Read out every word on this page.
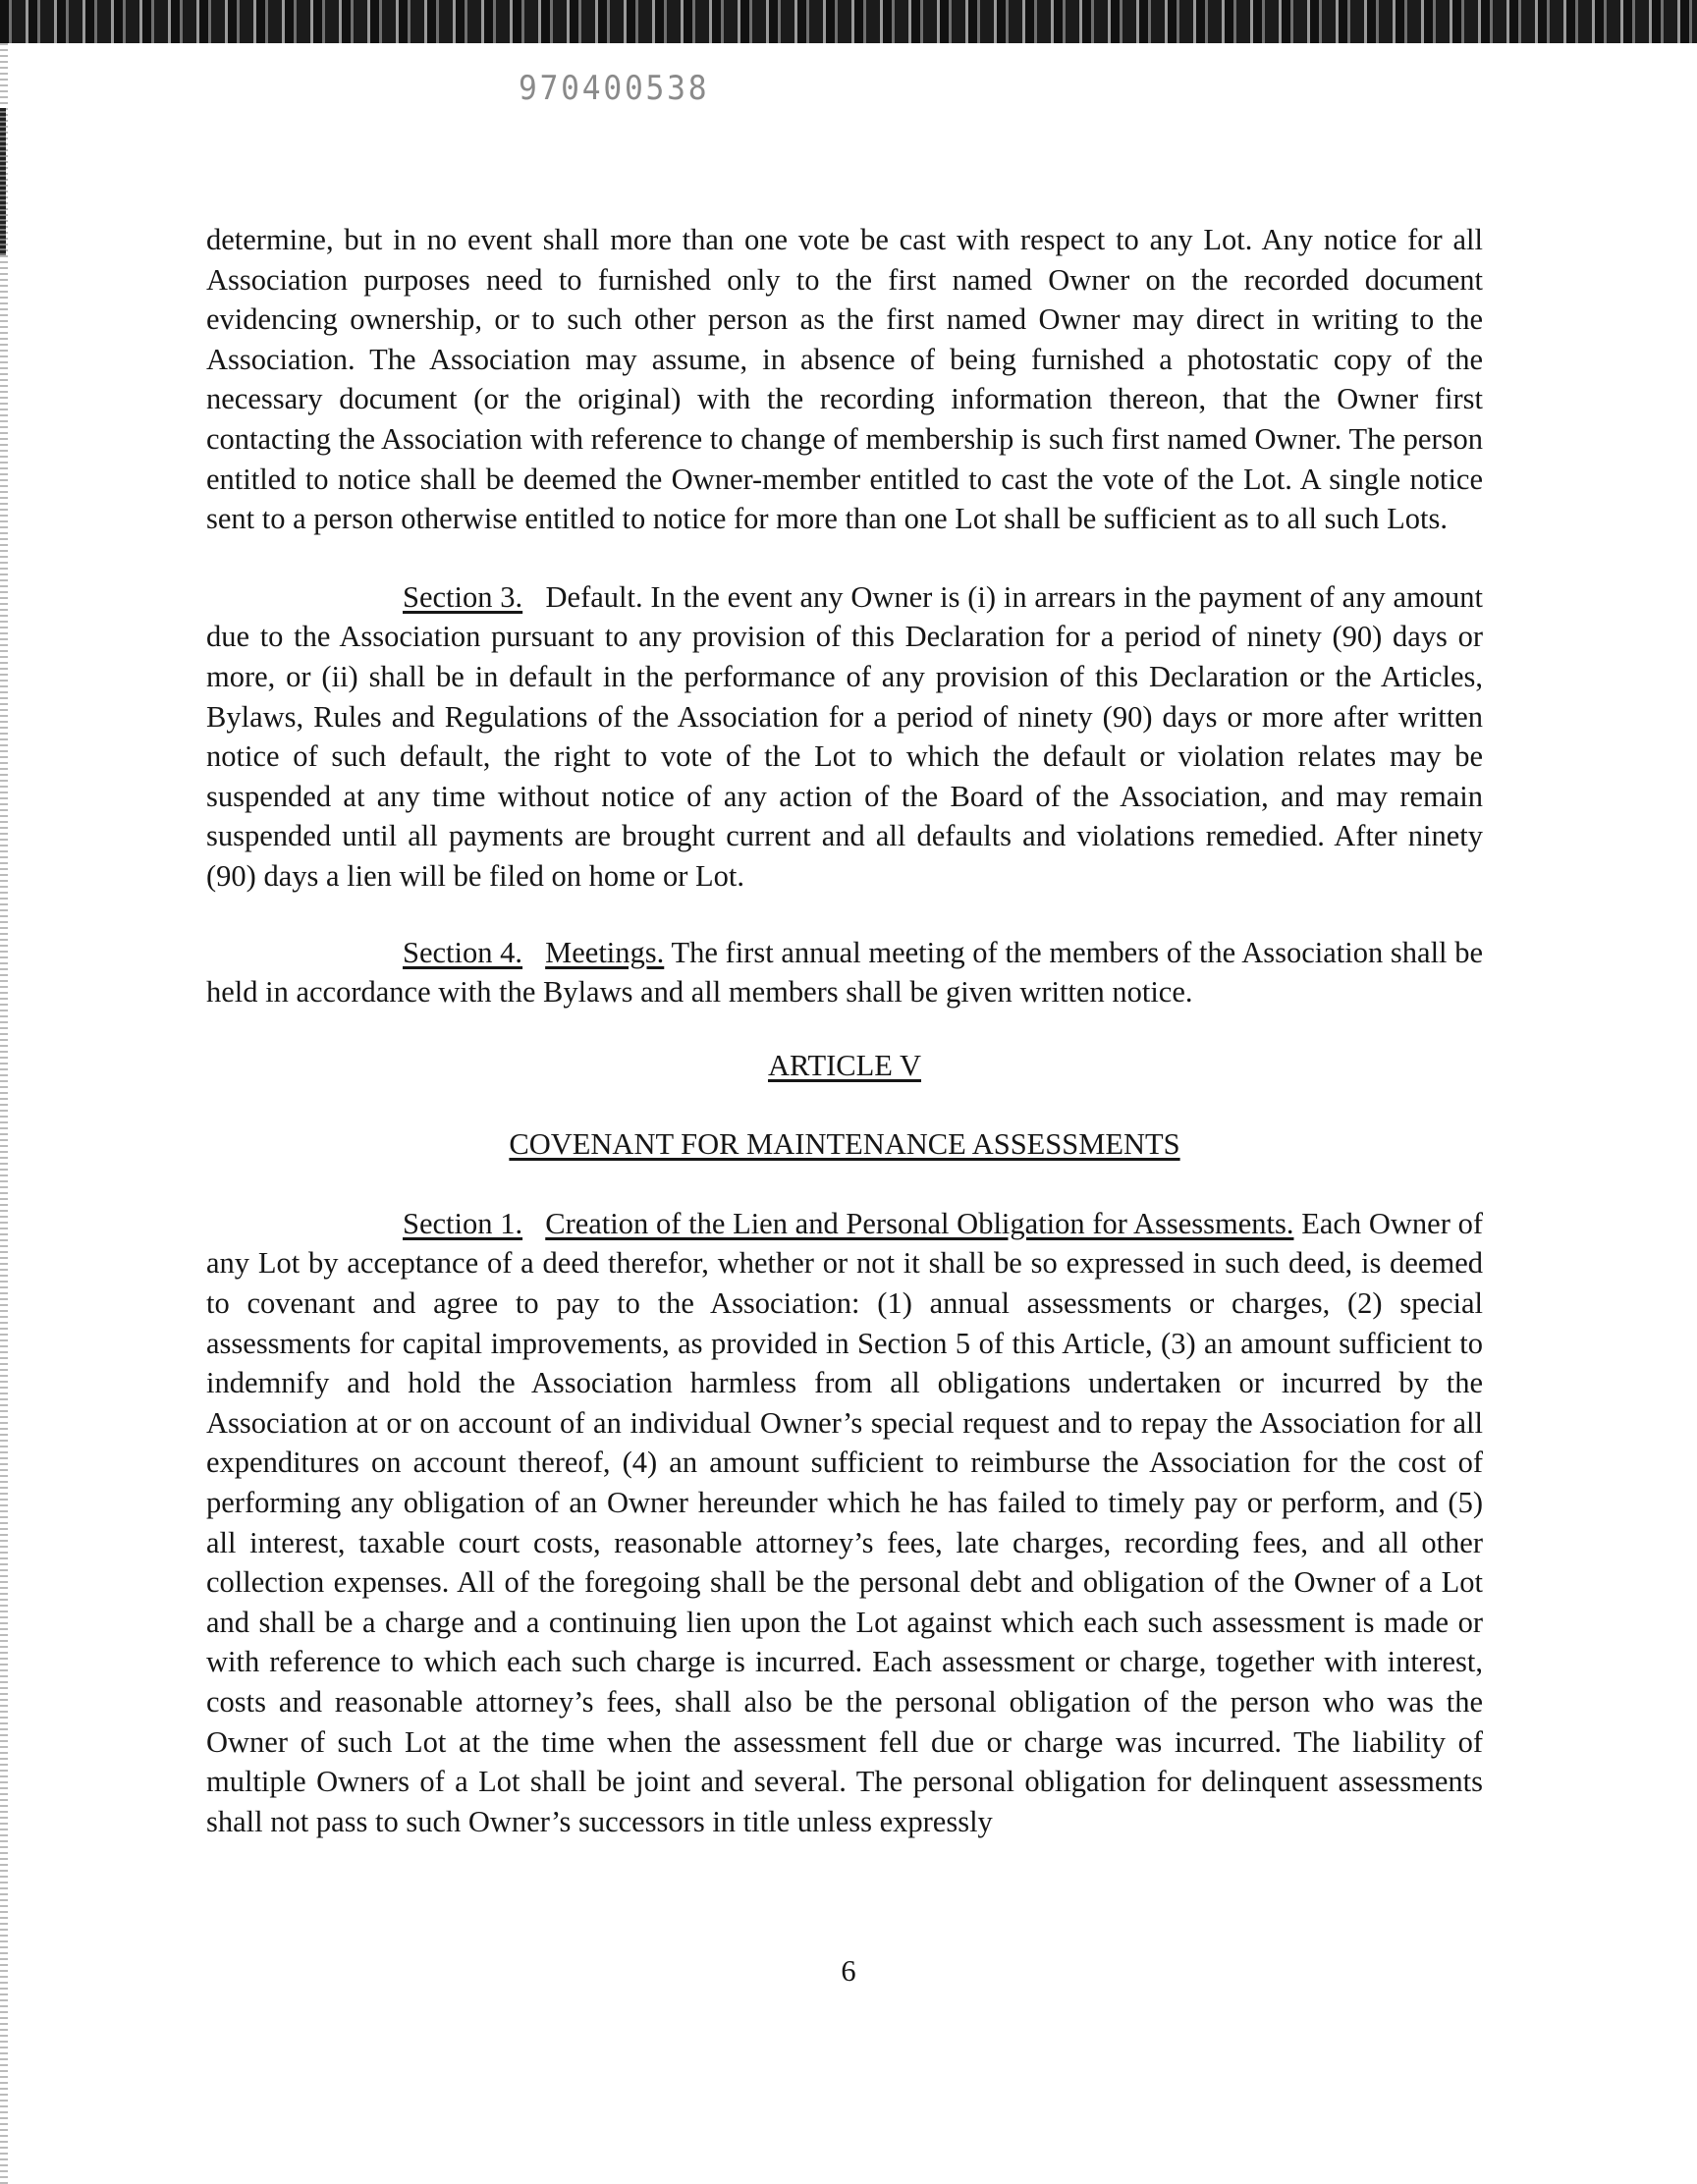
970400538

determine, but in no event shall more than one vote be cast with respect to any Lot. Any notice for all Association purposes need to furnished only to the first named Owner on the recorded document evidencing ownership, or to such other person as the first named Owner may direct in writing to the Association. The Association may assume, in absence of being furnished a photostatic copy of the necessary document (or the original) with the recording information thereon, that the Owner first contacting the Association with reference to change of membership is such first named Owner. The person entitled to notice shall be deemed the Owner-member entitled to cast the vote of the Lot. A single notice sent to a person otherwise entitled to notice for more than one Lot shall be sufficient as to all such Lots.

Section 3. Default. In the event any Owner is (i) in arrears in the payment of any amount due to the Association pursuant to any provision of this Declaration for a period of ninety (90) days or more, or (ii) shall be in default in the performance of any provision of this Declaration or the Articles, Bylaws, Rules and Regulations of the Association for a period of ninety (90) days or more after written notice of such default, the right to vote of the Lot to which the default or violation relates may be suspended at any time without notice of any action of the Board of the Association, and may remain suspended until all payments are brought current and all defaults and violations remedied. After ninety (90) days a lien will be filed on home or Lot.

Section 4. Meetings. The first annual meeting of the members of the Association shall be held in accordance with the Bylaws and all members shall be given written notice.

ARTICLE V

COVENANT FOR MAINTENANCE ASSESSMENTS

Section 1. Creation of the Lien and Personal Obligation for Assessments. Each Owner of any Lot by acceptance of a deed therefor, whether or not it shall be so expressed in such deed, is deemed to covenant and agree to pay to the Association: (1) annual assessments or charges, (2) special assessments for capital improvements, as provided in Section 5 of this Article, (3) an amount sufficient to indemnify and hold the Association harmless from all obligations undertaken or incurred by the Association at or on account of an individual Owner’s special request and to repay the Association for all expenditures on account thereof, (4) an amount sufficient to reimburse the Association for the cost of performing any obligation of an Owner hereunder which he has failed to timely pay or perform, and (5) all interest, taxable court costs, reasonable attorney’s fees, late charges, recording fees, and all other collection expenses. All of the foregoing shall be the personal debt and obligation of the Owner of a Lot and shall be a charge and a continuing lien upon the Lot against which each such assessment is made or with reference to which each such charge is incurred. Each assessment or charge, together with interest, costs and reasonable attorney’s fees, shall also be the personal obligation of the person who was the Owner of such Lot at the time when the assessment fell due or charge was incurred. The liability of multiple Owners of a Lot shall be joint and several. The personal obligation for delinquent assessments shall not pass to such Owner’s successors in title unless expressly

6
